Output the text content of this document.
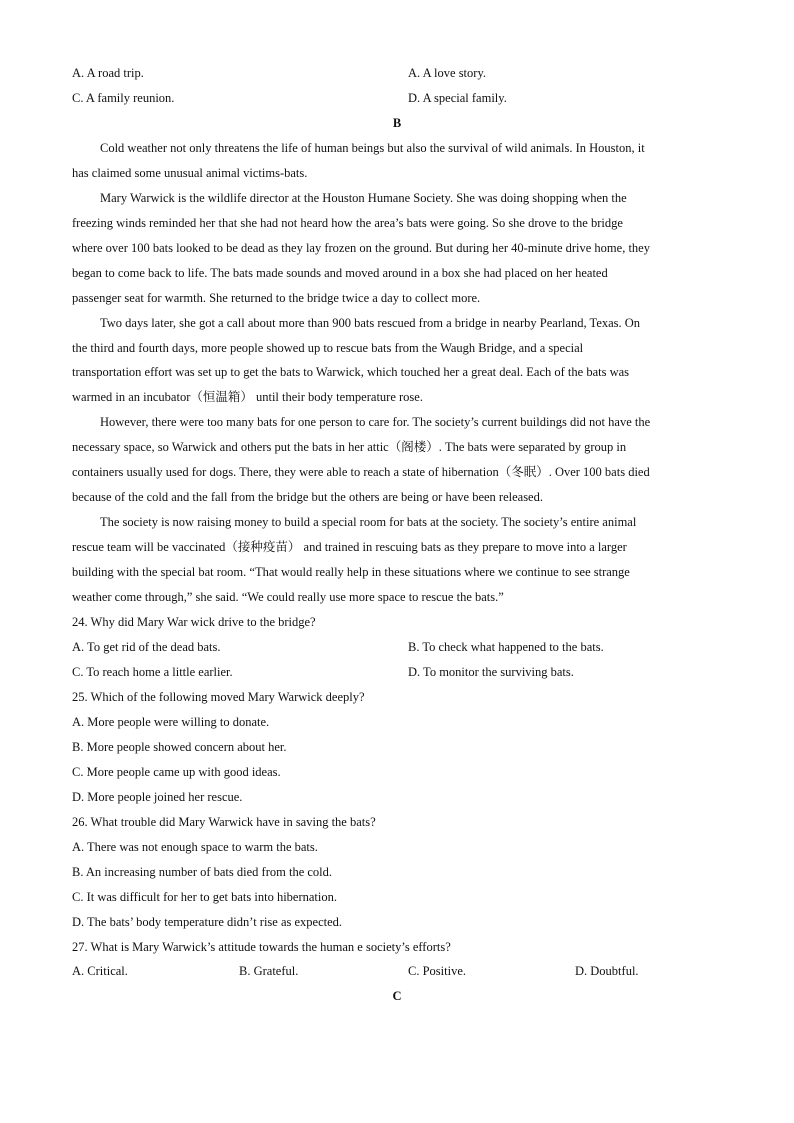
A. A road trip.	A. A love story.
C. A family reunion.	D. A special family.
B
Cold weather not only threatens the life of human beings but also the survival of wild animals. In Houston, it
has claimed some unusual animal victims-bats.
Mary Warwick is the wildlife director at the Houston Humane Society. She was doing shopping when the
freezing winds reminded her that she had not heard how the area’s bats were going. So she drove to the bridge
where over 100 bats looked to be dead as they lay frozen on the ground. But during her 40-minute drive home, they
began to come back to life. The bats made sounds and moved around in a box she had placed on her heated
passenger seat for warmth. She returned to the bridge twice a day to collect more.
Two days later, she got a call about more than 900 bats rescued from a bridge in nearby Pearland, Texas. On
the third and fourth days, more people showed up to rescue bats from the Waugh Bridge, and a special
transportation effort was set up to get the bats to Warwick, which touched her a great deal. Each of the bats was
warmed in an incubator（恒温箱） until their body temperature rose.
However, there were too many bats for one person to care for. The society’s current buildings did not have the
necessary space, so Warwick and others put the bats in her attic（阁楼）. The bats were separated by group in
containers usually used for dogs. There, they were able to reach a state of hibernation（冬眠）. Over 100 bats died
because of the cold and the fall from the bridge but the others are being or have been released.
The society is now raising money to build a special room for bats at the society. The society’s entire animal
rescue team will be vaccinated（接种疫苗） and trained in rescuing bats as they prepare to move into a larger
building with the special bat room. “That would really help in these situations where we continue to see strange
weather come through,” she said. “We could really use more space to rescue the bats.”
24. Why did Mary War wick drive to the bridge?
A. To get rid of the dead bats.	B. To check what happened to the bats.
C. To reach home a little earlier.	D. To monitor the surviving bats.
25. Which of the following moved Mary Warwick deeply?
A. More people were willing to donate.
B. More people showed concern about her.
C. More people came up with good ideas.
D. More people joined her rescue.
26. What trouble did Mary Warwick have in saving the bats?
A. There was not enough space to warm the bats.
B. An increasing number of bats died from the cold.
C. It was difficult for her to get bats into hibernation.
D. The bats’ body temperature didn’t rise as expected.
27. What is Mary Warwick’s attitude towards the human e society’s efforts?
A. Critical.	B. Grateful.	C. Positive.	D. Doubtful.
C
